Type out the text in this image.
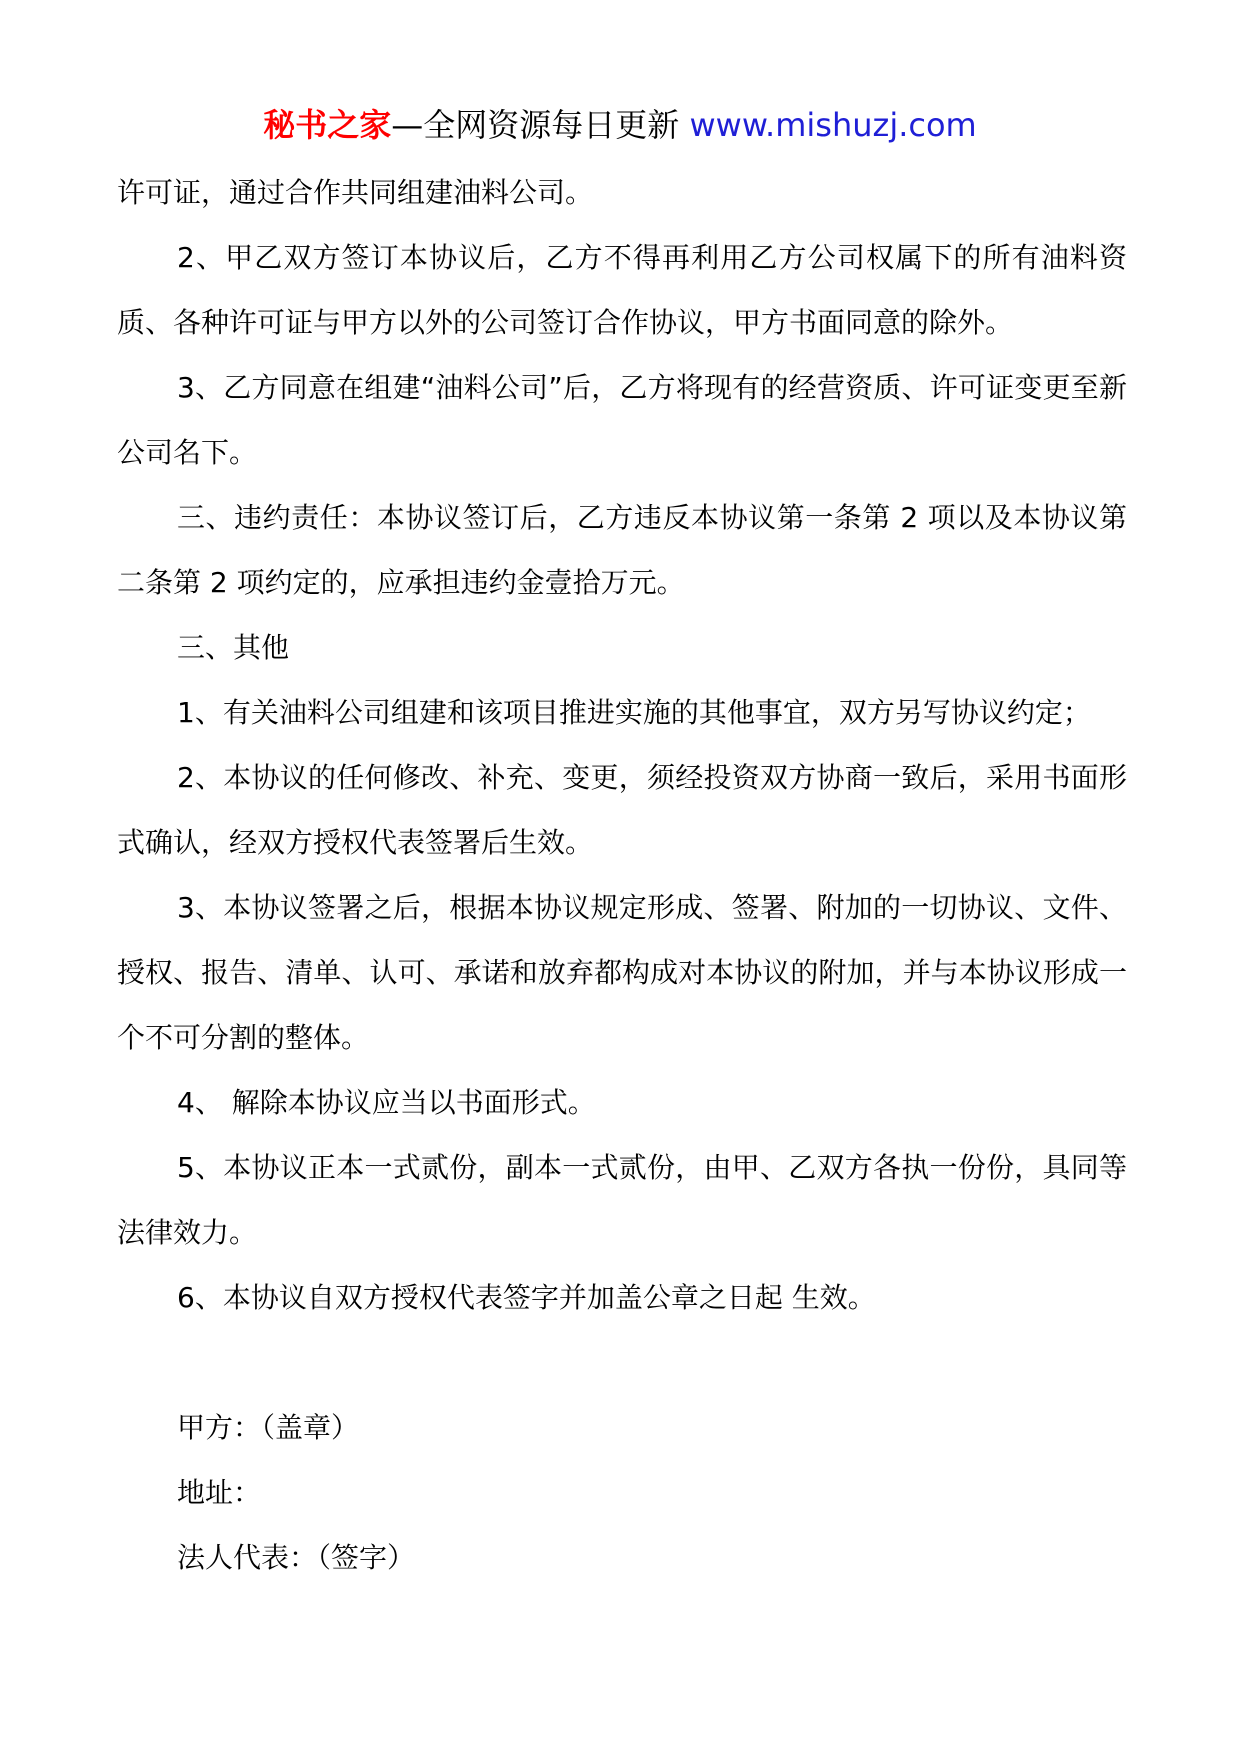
秘书之家—全网资源每日更新 www.mishuzj.com

许可证，通过合作共同组建油料公司。

2、甲乙双方签订本协议后，乙方不得再利用乙方公司权属下的所有油料资质、各种许可证与甲方以外的公司签订合作协议，甲方书面同意的除外。

3、乙方同意在组建“油料公司”后，乙方将现有的经营资质、许可证变更至新公司名下。

三、违约责任：本协议签订后，乙方违反本协议第一条第 2 项以及本协议第二条第 2 项约定的，应承担违约金壹拾万元。

三、其他

1、有关油料公司组建和该项目推进实施的其他事宜，双方另写协议约定；

2、本协议的任何修改、补充、变更，须经投资双方协商一致后，采用书面形式确认，经双方授权代表签署后生效。

3、本协议签署之后，根据本协议规定形成、签署、附加的一切协议、文件、授权、报告、清单、认可、承诺和放弃都构成对本协议的附加，并与本协议形成一个不可分割的整体。

4、 解除本协议应当以书面形式。

5、本协议正本一式贰份，副本一式贰份，由甲、乙双方各执一份份，具同等法律效力。

6、本协议自双方授权代表签字并加盖公章之日起 生效。

甲方：（盖章）

地址：

法人代表：（签字）
